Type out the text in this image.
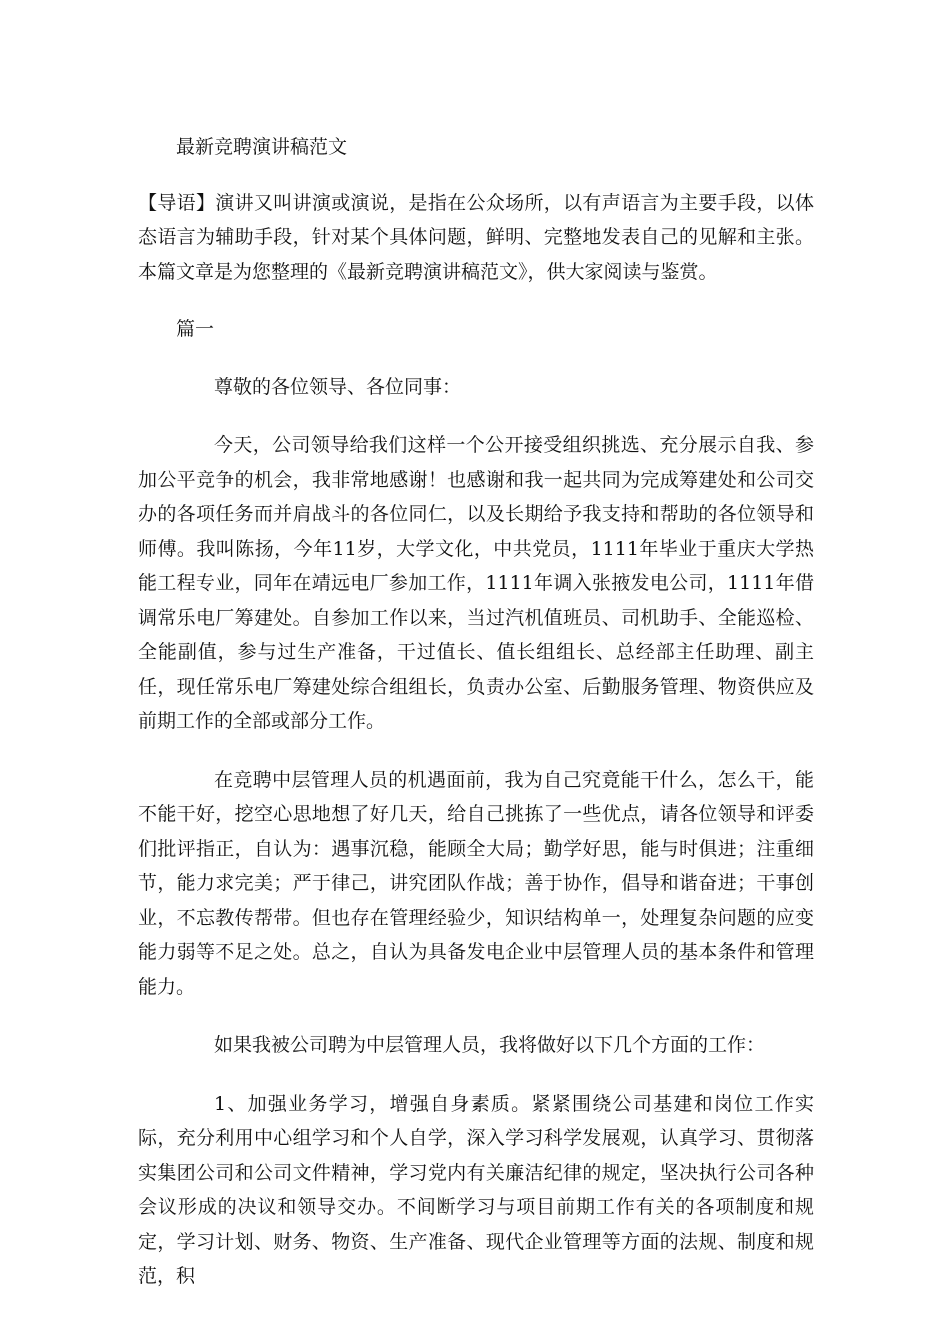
最新竞聘演讲稿范文

【导语】演讲又叫讲演或演说，是指在公众场所，以有声语言为主要手段，以体态语言为辅助手段，针对某个具体问题，鲜明、完整地发表自己的见解和主张。本篇文章是为您整理的《最新竞聘演讲稿范文》，供大家阅读与鉴赏。

篇一

尊敬的各位领导、各位同事：

今天，公司领导给我们这样一个公开接受组织挑选、充分展示自我、参加公平竞争的机会，我非常地感谢！也感谢和我一起共同为完成筹建处和公司交办的各项任务而并肩战斗的各位同仁，以及长期给予我支持和帮助的各位领导和师傅。我叫陈扬，今年11岁，大学文化，中共党员，1111年毕业于重庆大学热能工程专业，同年在靖远电厂参加工作，1111年调入张掖发电公司，1111年借调常乐电厂筹建处。自参加工作以来，当过汽机值班员、司机助手、全能巡检、全能副值，参与过生产准备，干过值长、值长组组长、总经部主任助理、副主任，现任常乐电厂筹建处综合组组长，负责办公室、后勤服务管理、物资供应及前期工作的全部或部分工作。

在竞聘中层管理人员的机遇面前，我为自己究竟能干什么，怎么干，能不能干好，挖空心思地想了好几天，给自己挑拣了一些优点，请各位领导和评委们批评指正，自认为：遇事沉稳，能顾全大局；勤学好思，能与时俱进；注重细节，能力求完美；严于律己，讲究团队作战；善于协作，倡导和谐奋进；干事创业，不忘教传帮带。但也存在管理经验少，知识结构单一，处理复杂问题的应变能力弱等不足之处。总之，自认为具备发电企业中层管理人员的基本条件和管理能力。

如果我被公司聘为中层管理人员，我将做好以下几个方面的工作：

1、加强业务学习，增强自身素质。紧紧围绕公司基建和岗位工作实际，充分利用中心组学习和个人自学，深入学习科学发展观，认真学习、贯彻落实集团公司和公司文件精神，学习党内有关廉洁纪律的规定，坚决执行公司各种会议形成的决议和领导交办。不间断学习与项目前期工作有关的各项制度和规定，学习计划、财务、物资、生产准备、现代企业管理等方面的法规、制度和规范，积
